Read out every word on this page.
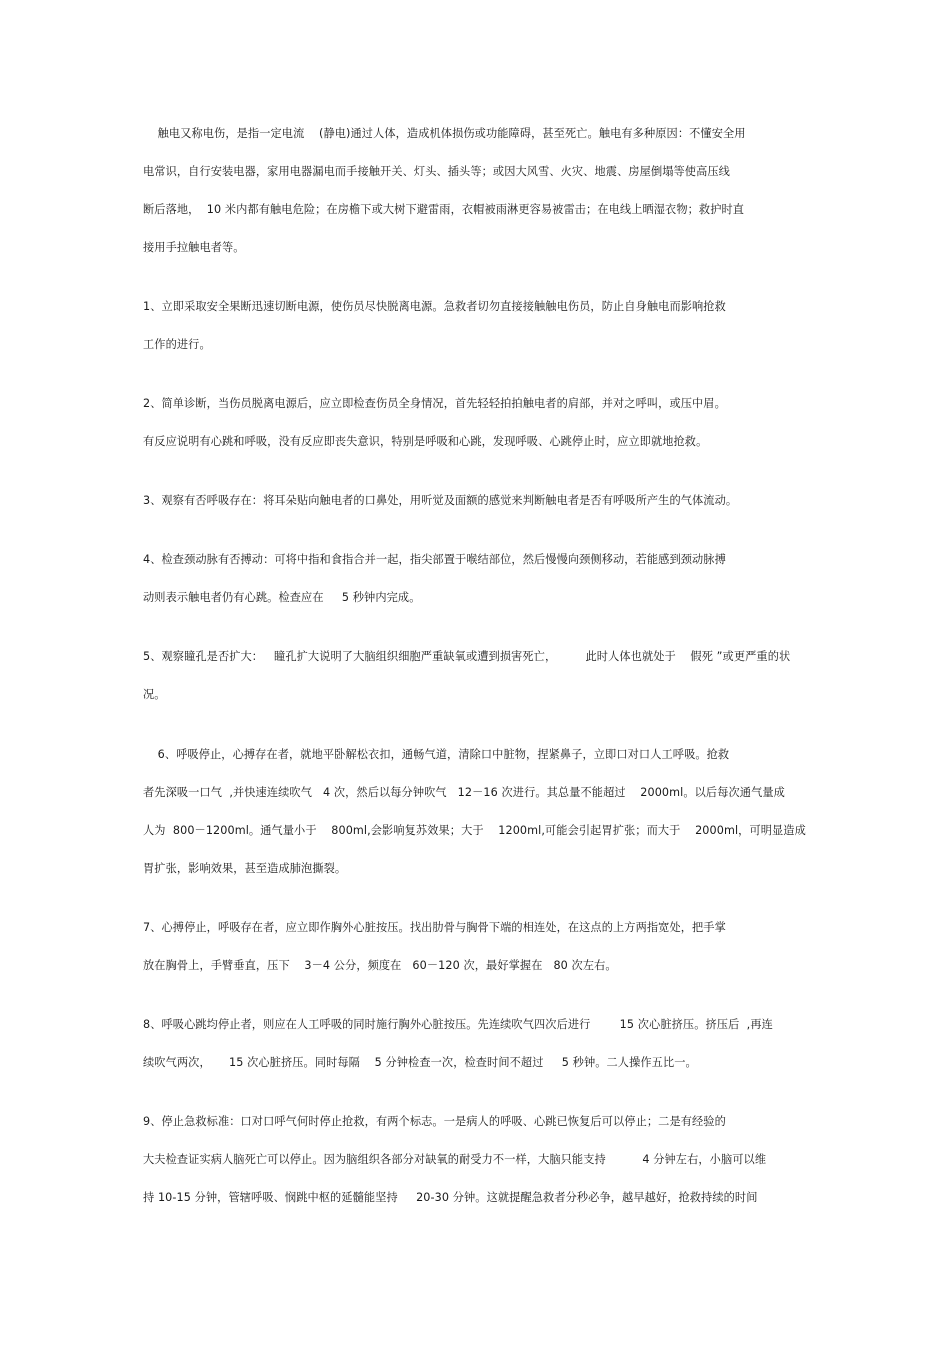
触电又称电伤，是指一定电流    (静电)通过人体，造成机体损伤或功能障碍，甚至死亡。触电有多种原因：不懂安全用
电常识，自行安装电器，家用电器漏电而手接触开关、灯头、插头等；或因大风雪、火灾、地震、房屋倒塌等使高压线
断后落地，  10 米内都有触电危险；在房檐下或大树下避雷雨，衣帽被雨淋更容易被雷击；在电线上晒湿衣物；救护时直
接用手拉触电者等。
1、立即采取安全果断迅速切断电源，使伤员尽快脱离电源。急救者切勿直接接触触电伤员，防止自身触电而影响抢救
工作的进行。
2、简单诊断，当伤员脱离电源后，应立即检查伤员全身情况，首先轻轻拍拍触电者的肩部，并对之呼叫，或压中眉。
有反应说明有心跳和呼吸，没有反应即丧失意识，特别是呼吸和心跳，发现呼吸、心跳停止时，应立即就地抢救。
3、观察有否呼吸存在：将耳朵贴向触电者的口鼻处，用听觉及面额的感觉来判断触电者是否有呼吸所产生的气体流动。
4、检查颈动脉有否搏动：可将中指和食指合并一起，指尖部置于喉结部位，然后慢慢向颈侧移动，若能感到颈动脉搏
动则表示触电者仍有心跳。检查应在     5 秒钟内完成。
5、观察瞳孔是否扩大：   瞳孔扩大说明了大脑组织细胞严重缺氧或遭到损害死亡，        此时人体也就处于    假死 ”或更严重的状
况。
6、呼吸停止，心搏存在者，就地平卧解松衣扣，通畅气道，清除口中脏物，捏紧鼻子，立即口对口人工呼吸。抢救
者先深吸一口气  ,并快速连续吹气   4 次，然后以每分钟吹气   12－16 次进行。其总量不能超过    2000ml。以后每次通气量成
人为  800－1200ml。通气量小于    800ml,会影响复苏效果；大于    1200ml,可能会引起胃扩张；而大于    2000ml，可明显造成
胃扩张，影响效果，甚至造成肺泡撕裂。
7、心搏停止，呼吸存在者，应立即作胸外心脏按压。找出肋骨与胸骨下端的相连处，在这点的上方两指宽处，把手掌
放在胸骨上，手臂垂直，压下    3－4 公分，频度在   60－120 次，最好掌握在   80 次左右。
8、呼吸心跳均停止者，则应在人工呼吸的同时施行胸外心脏按压。先连续吹气四次后进行        15 次心脏挤压。挤压后  ,再连
续吹气两次，     15 次心脏挤压。同时每隔    5 分钟检查一次，检查时间不超过     5 秒钟。二人操作五比一。
9、停止急救标准：口对口呼气何时停止抢救，有两个标志。一是病人的呼吸、心跳已恢复后可以停止；二是有经验的
大夫检查证实病人脑死亡可以停止。因为脑组织各部分对缺氧的耐受力不一样，大脑只能支持          4 分钟左右，小脑可以维
持 10-15 分钟，管辖呼吸、悯跳中枢的延髓能坚持     20-30 分钟。这就提醒急救者分秒必争，越早越好，抢救持续的时间
